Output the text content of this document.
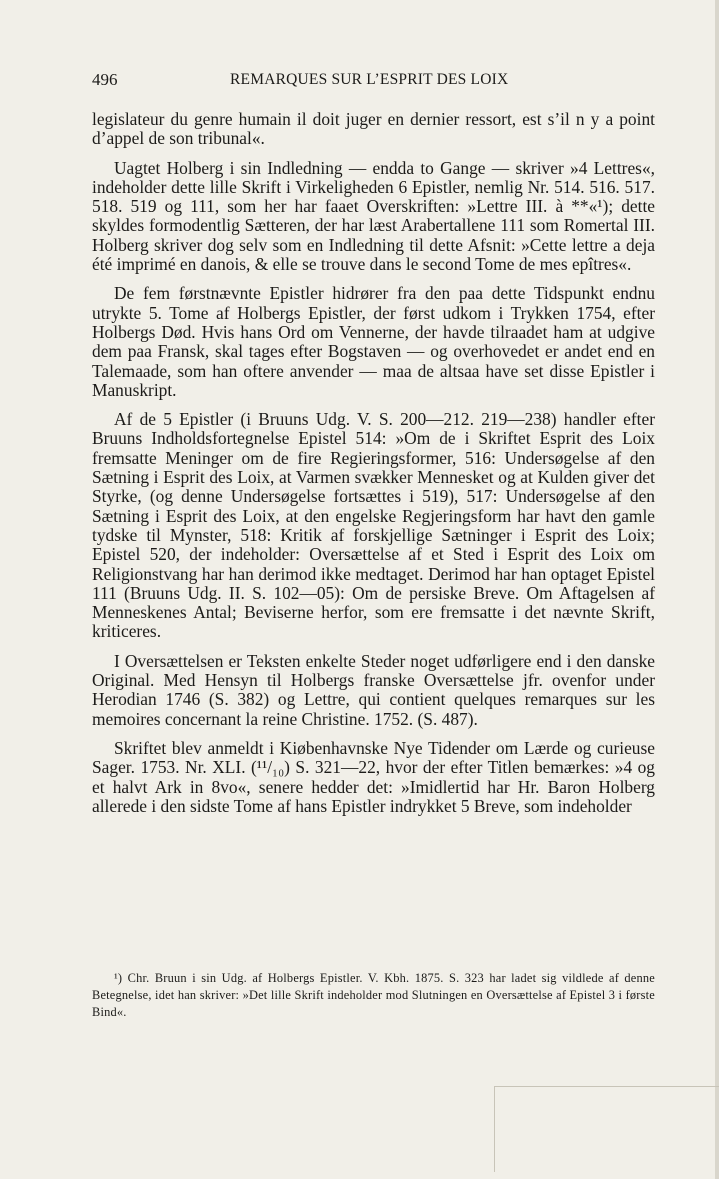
496	REMARQUES SUR L’ESPRIT DES LOIX

legislateur du genre humain il doit juger en dernier ressort, est s’il n y a point d’appel de son tribunal«.

Uagtet Holberg i sin Indledning — endda to Gange — skriver »4 Lettres«, indeholder dette lille Skrift i Virkeligheden 6 Epistler, nemlig Nr. 514. 516. 517. 518. 519 og 111, som her har faaet Overskriften: »Lettre III. à **«¹); dette skyldes formodentlig Sætteren, der har læst Arabertallene 111 som Romertal III. Holberg skriver dog selv som en Indledning til dette Afsnit: »Cette lettre a deja été imprimé en danois, & elle se trouve dans le second Tome de mes epîtres«.

De fem førstnævnte Epistler hidrører fra den paa dette Tidspunkt endnu utrykte 5. Tome af Holbergs Epistler, der først udkom i Trykken 1754, efter Holbergs Død. Hvis hans Ord om Vennerne, der havde tilraadet ham at udgive dem paa Fransk, skal tages efter Bogstaven — og overhovedet er andet end en Talemaade, som han oftere anvender — maa de altsaa have set disse Epistler i Manuskript.

Af de 5 Epistler (i Bruuns Udg. V. S. 200—212. 219—238) handler efter Bruuns Indholdsfortegnelse Epistel 514: »Om de i Skriftet Esprit des Loix fremsatte Meninger om de fire Regieringsformer, 516: Undersøgelse af den Sætning i Esprit des Loix, at Varmen svækker Mennesket og at Kulden giver det Styrke, (og denne Undersøgelse fortsættes i 519), 517: Undersøgelse af den Sætning i Esprit des Loix, at den engelske Regjeringsform har havt den gamle tydske til Mynster, 518: Kritik af forskjellige Sætninger i Esprit des Loix; Epistel 520, der indeholder: Oversættelse af et Sted i Esprit des Loix om Religionstvang har han derimod ikke medtaget. Derimod har han optaget Epistel 111 (Bruuns Udg. II. S. 102—05): Om de persiske Breve. Om Aftagelsen af Menneskenes Antal; Beviserne herfor, som ere fremsatte i det nævnte Skrift, kriticeres.

I Oversættelsen er Teksten enkelte Steder noget udførligere end i den danske Original. Med Hensyn til Holbergs franske Oversættelse jfr. ovenfor under Herodian 1746 (S. 382) og Lettre, qui contient quelques remarques sur les memoires concernant la reine Christine. 1752. (S. 487).

Skriftet blev anmeldt i Kiøbenhavnske Nye Tidender om Lærde og curieuse Sager. 1753. Nr. XLI. (¹¹/₁₀) S. 321—22, hvor der efter Titlen bemærkes: »4 og et halvt Ark in 8vo«, senere hedder det: »Imidlertid har Hr. Baron Holberg allerede i den sidste Tome af hans Epistler indrykket 5 Breve, som indeholder

¹) Chr. Bruun i sin Udg. af Holbergs Epistler. V. Kbh. 1875. S. 323 har ladet sig vildlede af denne Betegnelse, idet han skriver: »Det lille Skrift indeholder mod Slutningen en Oversættelse af Epistel 3 i første Bind«.
